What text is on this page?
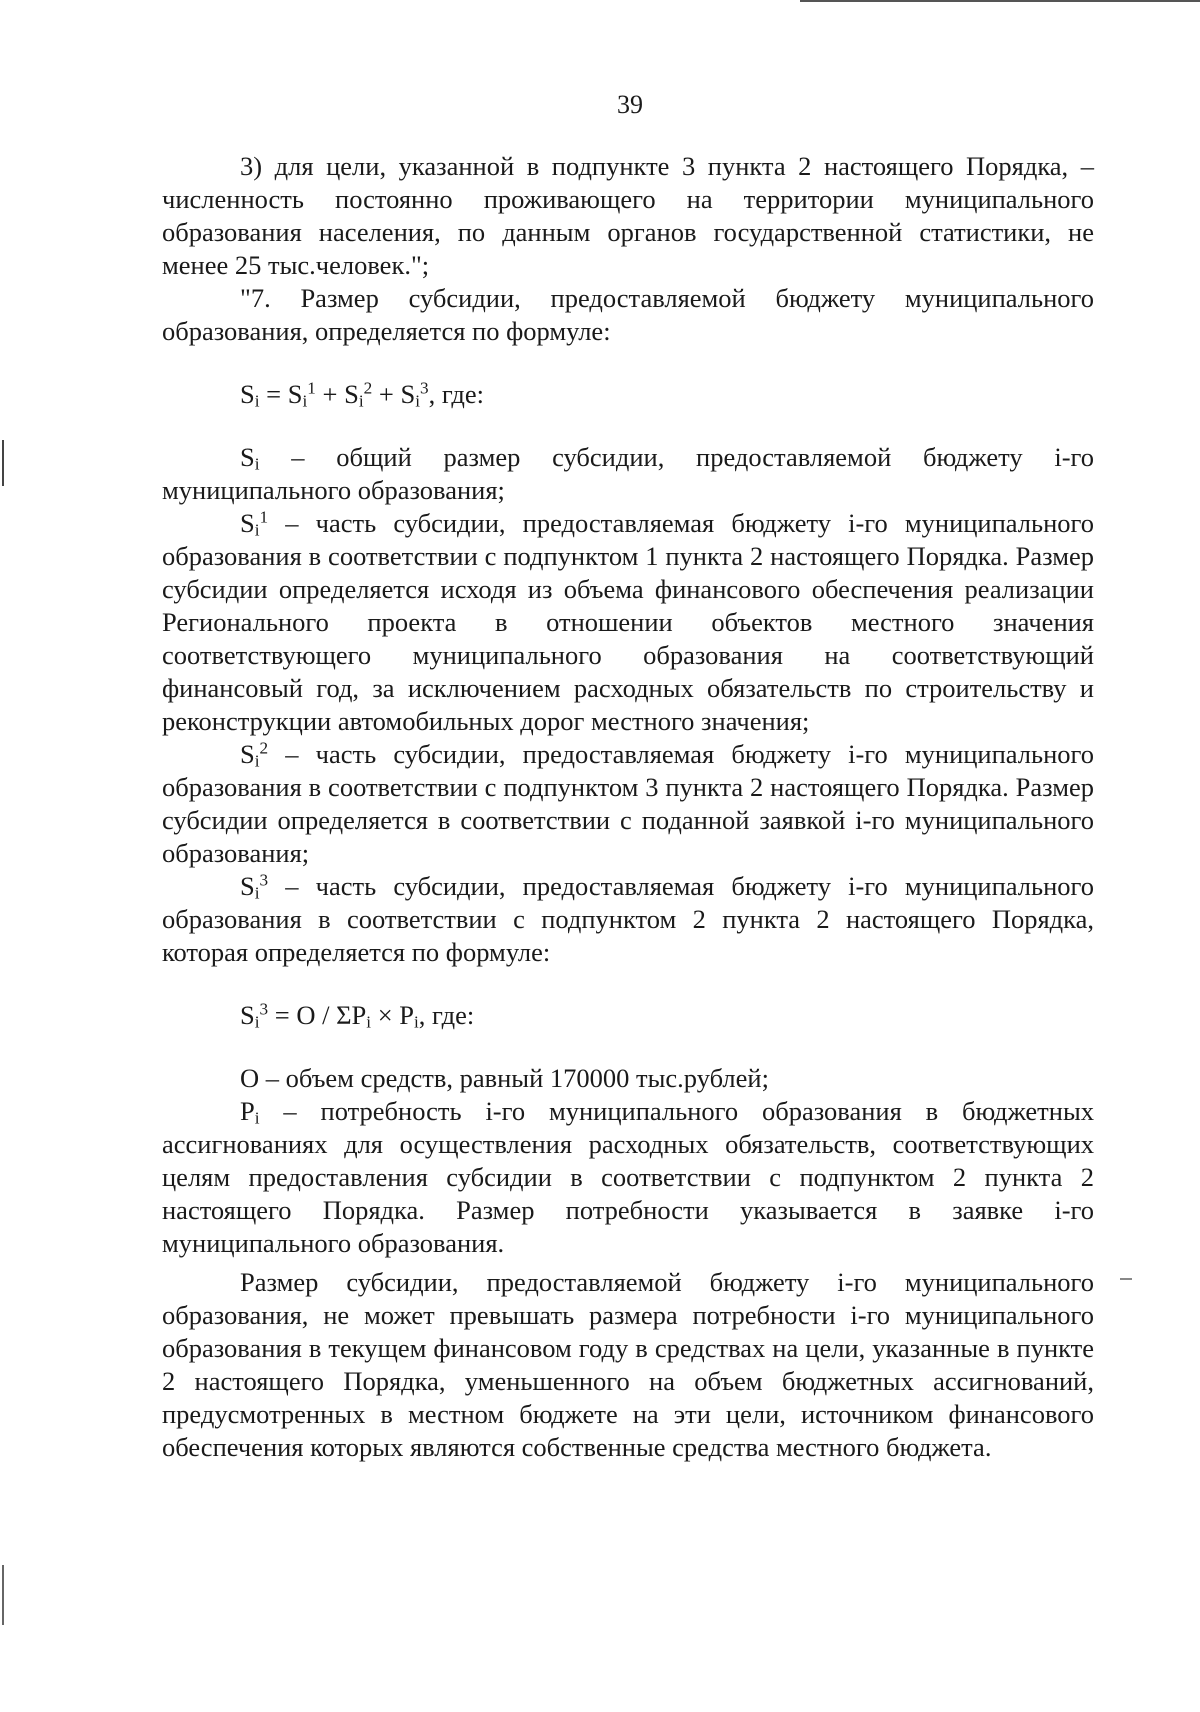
39

3) для цели, указанной в подпункте 3 пункта 2 настоящего Порядка, – численность постоянно проживающего на территории муниципального образования населения, по данным органов государственной статистики, не менее 25 тыс.человек.";

"7. Размер субсидии, предоставляемой бюджету муниципального образования, определяется по формуле:

$S_i = S_i^1 + S_i^2 + S_i^3$, где:

$S_i$ – общий размер субсидии, предоставляемой бюджету i-го муниципального образования;

$S_i^1$ – часть субсидии, предоставляемая бюджету i-го муниципального образования в соответствии с подпунктом 1 пункта 2 настоящего Порядка. Размер субсидии определяется исходя из объема финансового обеспечения реализации Регионального проекта в отношении объектов местного значения соответствующего муниципального образования на соответствующий финансовый год, за исключением расходных обязательств по строительству и реконструкции автомобильных дорог местного значения;

$S_i^2$ – часть субсидии, предоставляемая бюджету i-го муниципального образования в соответствии с подпунктом 3 пункта 2 настоящего Порядка. Размер субсидии определяется в соответствии с поданной заявкой i-го муниципального образования;

$S_i^3$ – часть субсидии, предоставляемая бюджету i-го муниципального образования в соответствии с подпунктом 2 пункта 2 настоящего Порядка, которая определяется по формуле:

$S_i^3 = O / \Sigma P_i \times P_i$, где:

О – объем средств, равный 170000 тыс.рублей;

$P_i$ – потребность i-го муниципального образования в бюджетных ассигнованиях для осуществления расходных обязательств, соответствующих целям предоставления субсидии в соответствии с подпунктом 2 пункта 2 настоящего Порядка. Размер потребности указывается в заявке i-го муниципального образования.

Размер субсидии, предоставляемой бюджету i-го муниципального образования, не может превышать размера потребности i-го муниципального образования в текущем финансовом году в средствах на цели, указанные в пункте 2 настоящего Порядка, уменьшенного на объем бюджетных ассигнований, предусмотренных в местном бюджете на эти цели, источником финансового обеспечения которых являются собственные средства местного бюджета.
